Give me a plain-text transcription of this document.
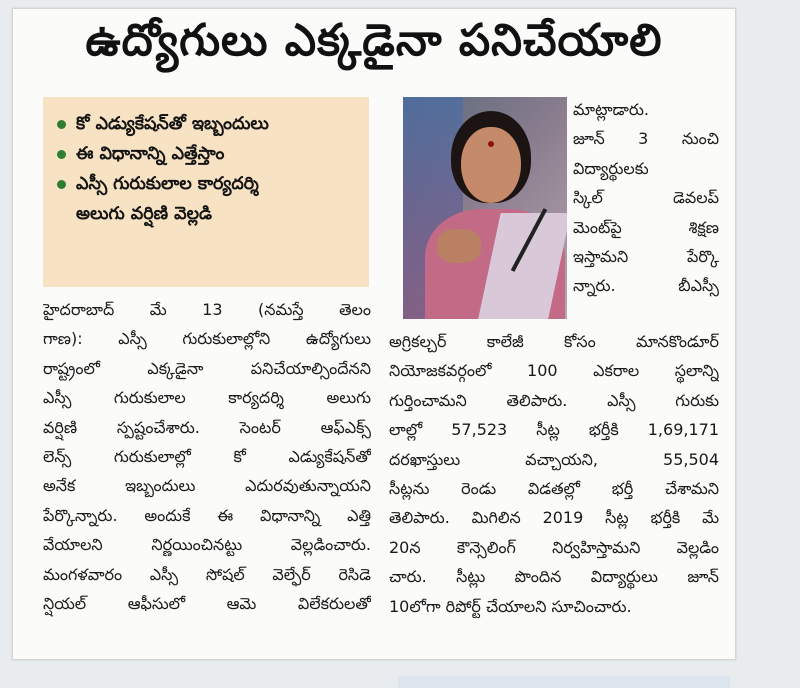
ఉద్యోగులు ఎక్కడైనా పనిచేయాలి
కో ఎడ్యుకేషన్‌తో ఇబ్బందులు
ఈ విధానాన్ని ఎత్తేస్తాం
ఎస్సీ గురుకులాల కార్యదర్శి
అలుగు వర్షిణి వెల్లడి
హైదరాబాద్ మే 13 (నమస్తే తెలం
గాణ): ఎస్సీ గురుకులాల్లోని ఉద్యోగులు
రాష్ట్రంలో ఎక్కడైనా పనిచేయాల్సిందేనని
ఎస్సీ గురుకులాల కార్యదర్శి అలుగు
వర్షిణి స్పష్టంచేశారు. సెంటర్ ఆఫ్‌ఎక్స్
లెన్స్ గురుకులాల్లో కో ఎడ్యుకేషన్‌తో
అనేక ఇబ్బందులు ఎదురవుతున్నాయని
పేర్కొన్నారు. అందుకే ఈ విధానాన్ని ఎత్తి
వేయాలని నిర్ణయించినట్టు వెల్లడించారు.
మంగళవారం ఎస్సీ సోషల్ వెల్ఫేర్ రెసిడె
న్షియల్ ఆఫీసులో ఆమె విలేకరులతో
మాట్లాడారు.
జూన్ 3 నుంచి
విద్యార్థులకు
స్కిల్ డెవలప్
మెంట్‌పై శిక్షణ
ఇస్తామని పేర్కొ
న్నారు. బీఎస్సీ
అగ్రికల్చర్ కాలేజీ కోసం మానకొండూర్
నియోజకవర్గంలో 100 ఎకరాల స్థలాన్ని
గుర్తించామని తెలిపారు. ఎస్సీ గురుకు
లాల్లో 57,523 సీట్ల భర్తీకి 1,69,171
దరఖాస్తులు వచ్చాయని, 55,504
సీట్లను రెండు విడతల్లో భర్తీ చేశామని
తెలిపారు. మిగిలిన 2019 సీట్ల భర్తీకి మే
20న కౌన్సెలింగ్ నిర్వహిస్తామని వెల్లడిం
చారు. సీట్లు పొందిన విద్యార్థులు జూన్
10లోగా రిపోర్ట్ చేయాలని సూచించారు.
